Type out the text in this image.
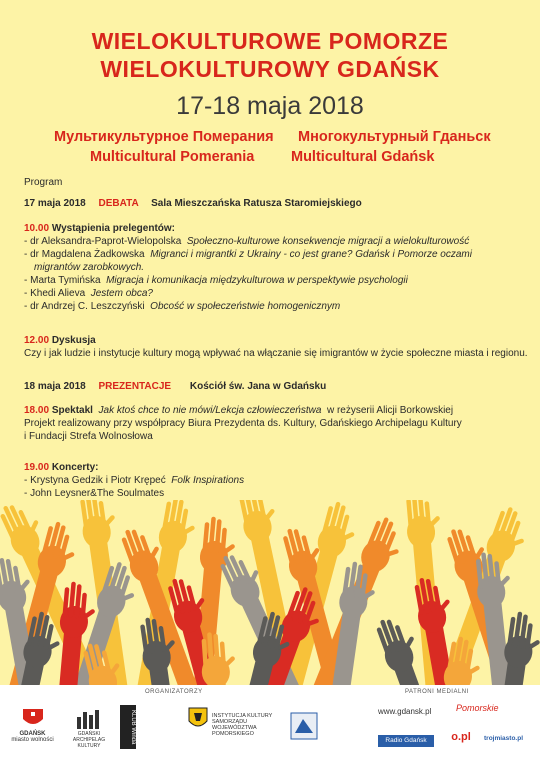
WIELOKULTUROWE POMORZE
WIELOKULTUROWY GDAŃSK
17-18 maja 2018
Мультикультурное Померания Многокультурный Гданьск
Multicultural Pomerania	Multicultural Gdańsk
Program
17 maja 2018 DEBATA Sala Mieszczańska Ratusza Staromiejskiego
10.00 Wystąpienia prelegentów:
- dr Aleksandra-Paprot-Wielopolska Społeczno-kulturowe konsekwencje migracji a wielokulturowość
- dr Magdalena Żadkowska Migranci i migrantki z Ukrainy - co jest grane? Gdańsk i Pomorze oczami
migrantów zarobkowych.
- Marta Tymińska Migracja i komunikacja międzykulturowa w perspektywie psychologii
- Khedi Alieva Jestem obca?
- dr Andrzej C. Leszczyński Obcość w społeczeństwie homogenicznym
12.00 Dyskusja
Czy i jak ludzie i instytucje kultury mogą wpływać na włączanie się imigrantów w życie społeczne miasta i regionu.
18 maja 2018 PREZENTACJE Kościół św. Jana w Gdańsku
18.00 Spektakl Jak ktoś chce to nie mówi/Lekcja człowieczeństwa w reżyserii Alicji Borkowskiej
Projekt realizowany przy współpracy Biura Prezydenta ds. Kultury, Gdańskiego Archipelagu Kultury
i Fundacji Strefa Wolnosłowa
19.00 Koncerty:
- Krystyna Gedzik i Piotr Krępeć Folk Inspirations
- John Leysner&The Soulmates
ORGANIZATORZY	PATRONI MEDIALNI
GDAŃSK
miasto wolności
GDAŃSKI ARCHIPELAG KULTURY
KLUB Winda	INSTYTUCJA KULTURY SAMORZĄDU WOJEWÓDZTWA POMORSKIEGO
www.gdansk.pl	Pomorskie
Radio Gdańsk	o.pl	trojmiasto.pl
